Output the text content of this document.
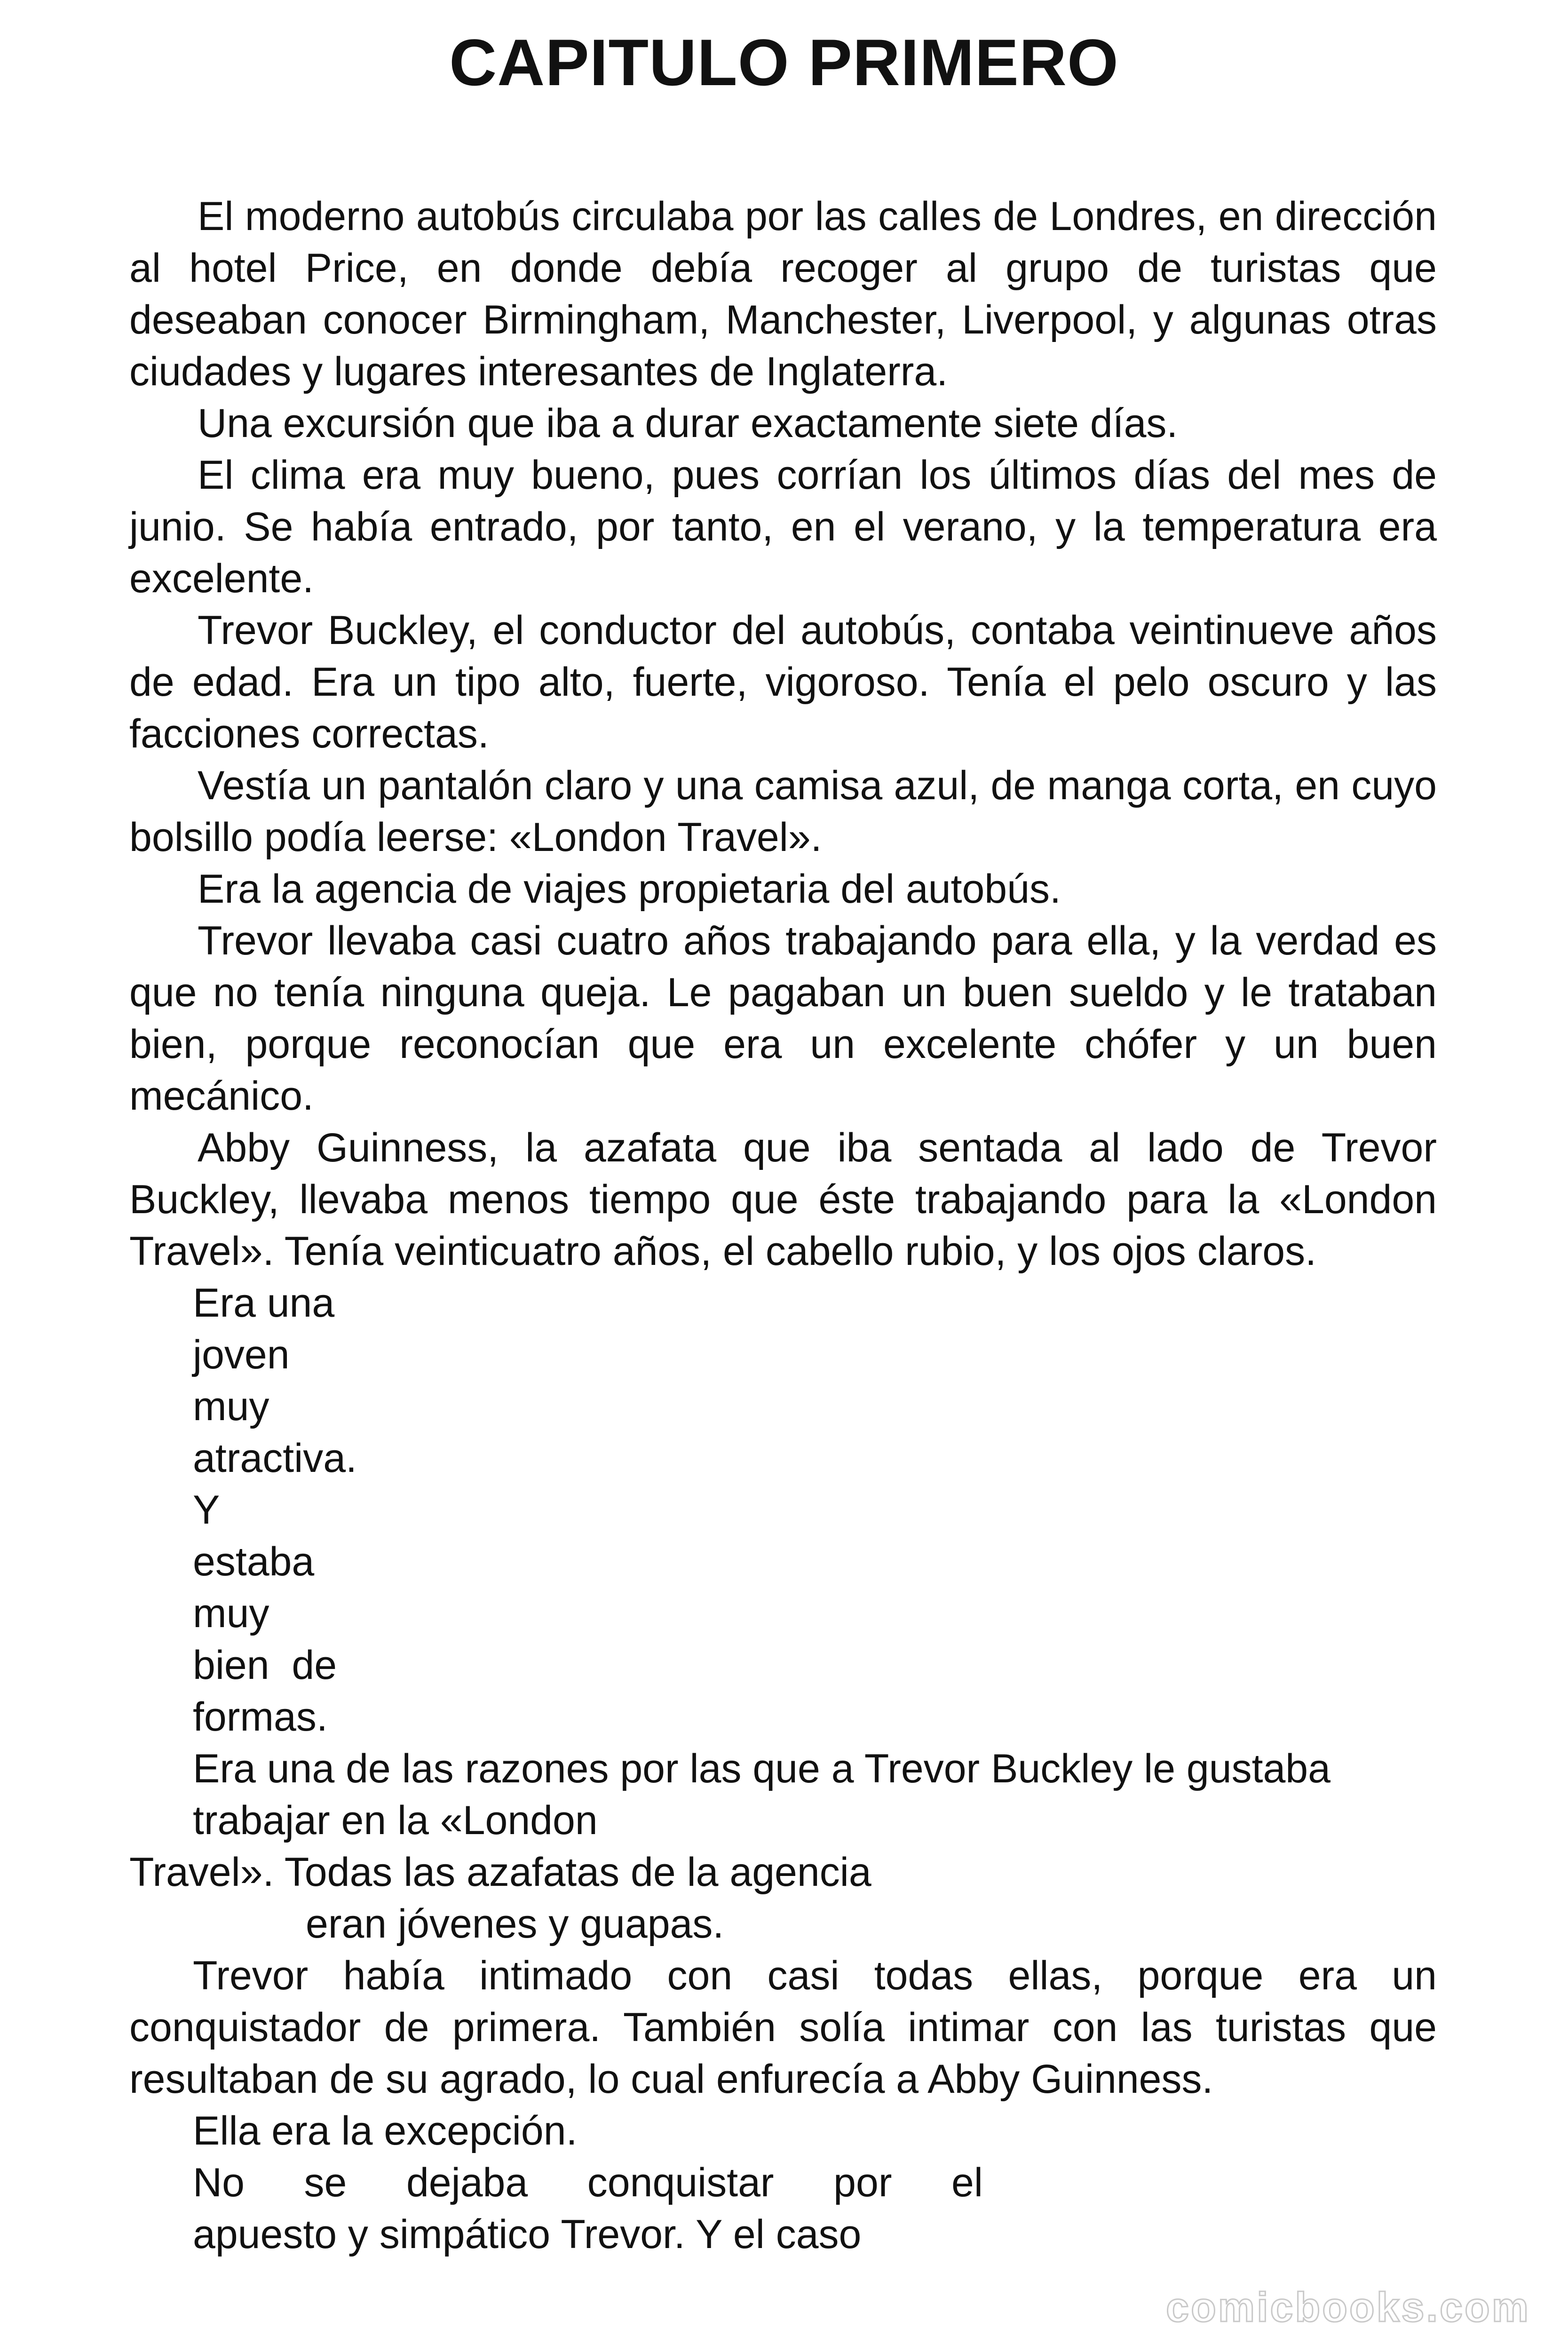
CAPITULO PRIMERO

El moderno autobús circulaba por las calles de Londres, en dirección al hotel Price, en donde debía recoger al grupo de turistas que deseaban conocer Birmingham, Manchester, Liverpool, y algunas otras ciudades y lugares interesantes de Inglaterra.

Una excursión que iba a durar exactamente siete días.

El clima era muy bueno, pues corrían los últimos días del mes de junio. Se había entrado, por tanto, en el verano, y la temperatura era excelente.

Trevor Buckley, el conductor del autobús, contaba veintinueve años de edad. Era un tipo alto, fuerte, vigoroso. Tenía el pelo oscuro y las facciones correctas.

Vestía un pantalón claro y una camisa azul, de manga corta, en cuyo bolsillo podía leerse: «London Travel».

Era la agencia de viajes propietaria del autobús.

Trevor llevaba casi cuatro años trabajando para ella, y la verdad es que no tenía ninguna queja. Le pagaban un buen sueldo y le trataban bien, porque reconocían que era un excelente chófer y un buen mecánico.

Abby Guinness, la azafata que iba sentada al lado de Trevor Buckley, llevaba menos tiempo que éste trabajando para la «London Travel». Tenía veinticuatro años, el cabello rubio, y los ojos claros.

Era una

joven

muy

atractiva.

Y

estaba

muy

bien  de

formas.

Era una de las razones por las que a Trevor Buckley le gustaba

trabajar en la «London

Travel». Todas las azafatas de la agencia

eran jóvenes y guapas.

Trevor había intimado con casi todas ellas, porque era un conquistador de primera. También solía intimar con las turistas que resultaban de su agrado, lo cual enfurecía a Abby Guinness.

Ella era la excepción.

No se dejaba conquistar por el

apuesto y simpático Trevor. Y el caso

comicbooks.com
